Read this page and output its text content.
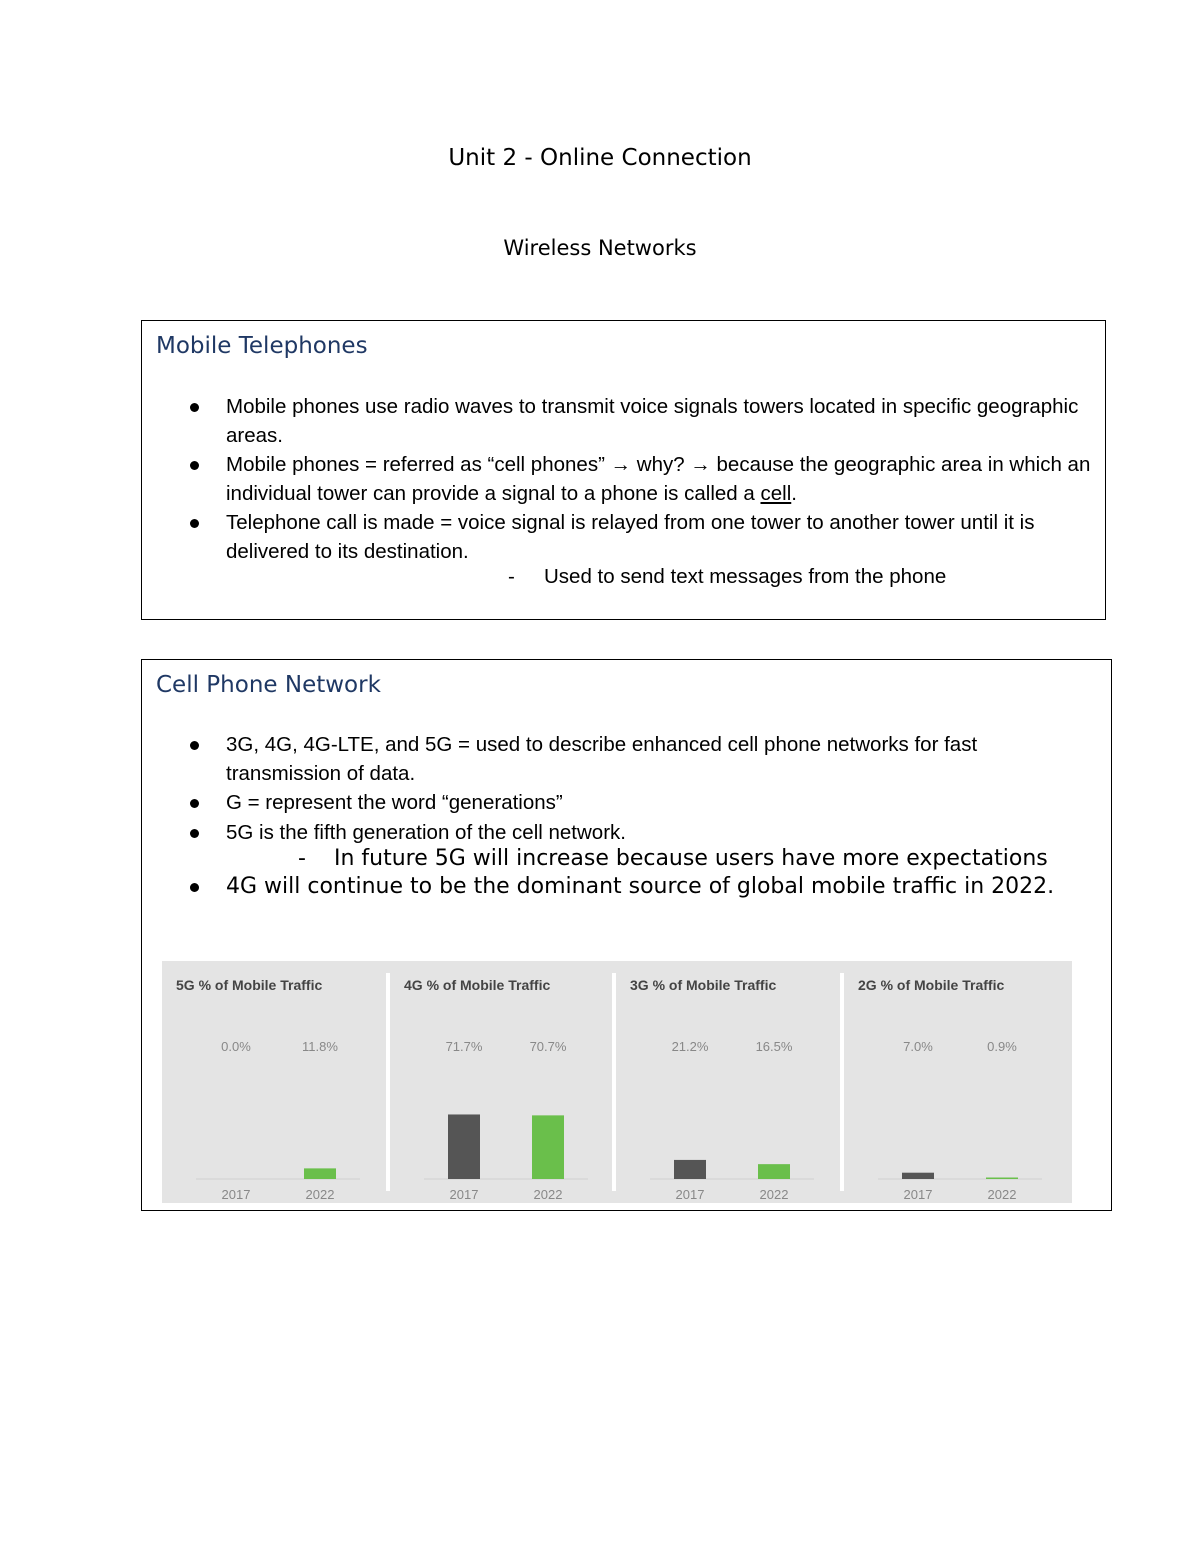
Unit 2 - Online Connection
Wireless Networks
Mobile Telephones
Mobile phones use radio waves to transmit voice signals towers located in specific geographic areas.
Mobile phones = referred as “cell phones” → why? → because the geographic area in which an individual tower can provide a signal to a phone is called a cell.
Telephone call is made = voice signal is relayed from one tower to another tower until it is delivered to its destination.
- Used to send text messages from the phone
Cell Phone Network
3G, 4G, 4G-LTE, and 5G = used to describe enhanced cell phone networks for fast transmission of data.
G = represent the word “generations”
5G is the fifth generation of the cell network.
- In future 5G will increase because users have more expectations
4G will continue to be the dominant source of global mobile traffic in 2022.
5G % of Mobile Traffic
0.0%
2017
11.8%
2022
4G % of Mobile Traffic
71.7%
2017
70.7%
2022
3G % of Mobile Traffic
21.2%
2017
16.5%
2022
2G % of Mobile Traffic
7.0%
2017
0.9%
2022
